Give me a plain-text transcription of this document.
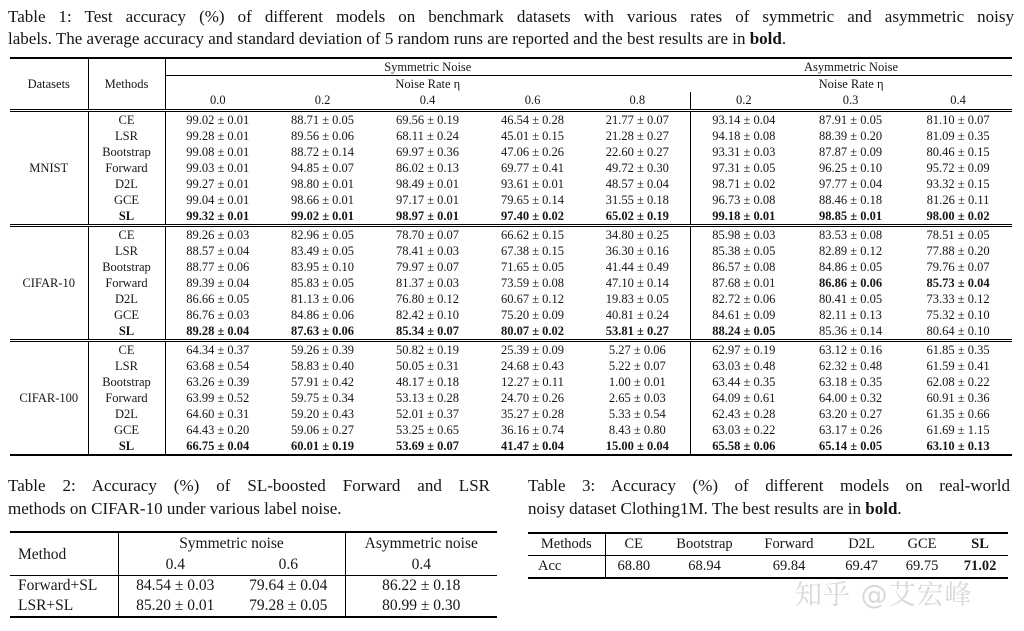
Table 1: Test accuracy (%) of different models on benchmark datasets with various rates of symmetric and asymmetric noisy
labels. The average accuracy and standard deviation of 5 random runs are reported and the best results are in bold.
Datasets	Methods	Symmetric Noise					Asymmetric Noise		
		Noise Rate η					Noise Rate η		
		0.0	0.2	0.4	0.6	0.8	0.2	0.3	0.4
MNIST	CE	99.02 ± 0.01	88.71 ± 0.05	69.56 ± 0.19	46.54 ± 0.28	21.77 ± 0.07	93.14 ± 0.04	87.91 ± 0.05	81.10 ± 0.07
	LSR	99.28 ± 0.01	89.56 ± 0.06	68.11 ± 0.24	45.01 ± 0.15	21.28 ± 0.27	94.18 ± 0.08	88.39 ± 0.20	81.09 ± 0.35
	Bootstrap	99.08 ± 0.01	88.72 ± 0.14	69.97 ± 0.36	47.06 ± 0.26	22.60 ± 0.27	93.31 ± 0.03	87.87 ± 0.09	80.46 ± 0.15
	Forward	99.03 ± 0.01	94.85 ± 0.07	86.02 ± 0.13	69.77 ± 0.41	49.72 ± 0.30	97.31 ± 0.05	96.25 ± 0.10	95.72 ± 0.09
	D2L	99.27 ± 0.01	98.80 ± 0.01	98.49 ± 0.01	93.61 ± 0.01	48.57 ± 0.04	98.71 ± 0.02	97.77 ± 0.04	93.32 ± 0.15
	GCE	99.04 ± 0.01	98.66 ± 0.01	97.17 ± 0.01	79.65 ± 0.14	31.55 ± 0.18	96.73 ± 0.08	88.46 ± 0.18	81.26 ± 0.11
	SL	99.32 ± 0.01	99.02 ± 0.01	98.97 ± 0.01	97.40 ± 0.02	65.02 ± 0.19	99.18 ± 0.01	98.85 ± 0.01	98.00 ± 0.02
CIFAR-10	CE	89.26 ± 0.03	82.96 ± 0.05	78.70 ± 0.07	66.62 ± 0.15	34.80 ± 0.25	85.98 ± 0.03	83.53 ± 0.08	78.51 ± 0.05
	LSR	88.57 ± 0.04	83.49 ± 0.05	78.41 ± 0.03	67.38 ± 0.15	36.30 ± 0.16	85.38 ± 0.05	82.89 ± 0.12	77.88 ± 0.20
	Bootstrap	88.77 ± 0.06	83.95 ± 0.10	79.97 ± 0.07	71.65 ± 0.05	41.44 ± 0.49	86.57 ± 0.08	84.86 ± 0.05	79.76 ± 0.07
	Forward	89.39 ± 0.04	85.83 ± 0.05	81.37 ± 0.03	73.59 ± 0.08	47.10 ± 0.14	87.68 ± 0.01	86.86 ± 0.06	85.73 ± 0.04
	D2L	86.66 ± 0.05	81.13 ± 0.06	76.80 ± 0.12	60.67 ± 0.12	19.83 ± 0.05	82.72 ± 0.06	80.41 ± 0.05	73.33 ± 0.12
	GCE	86.76 ± 0.03	84.86 ± 0.06	82.42 ± 0.10	75.20 ± 0.09	40.81 ± 0.24	84.61 ± 0.09	82.11 ± 0.13	75.32 ± 0.10
	SL	89.28 ± 0.04	87.63 ± 0.06	85.34 ± 0.07	80.07 ± 0.02	53.81 ± 0.27	88.24 ± 0.05	85.36 ± 0.14	80.64 ± 0.10
CIFAR-100	CE	64.34 ± 0.37	59.26 ± 0.39	50.82 ± 0.19	25.39 ± 0.09	5.27 ± 0.06	62.97 ± 0.19	63.12 ± 0.16	61.85 ± 0.35
	LSR	63.68 ± 0.54	58.83 ± 0.40	50.05 ± 0.31	24.68 ± 0.43	5.22 ± 0.07	63.03 ± 0.48	62.32 ± 0.48	61.59 ± 0.41
	Bootstrap	63.26 ± 0.39	57.91 ± 0.42	48.17 ± 0.18	12.27 ± 0.11	1.00 ± 0.01	63.44 ± 0.35	63.18 ± 0.35	62.08 ± 0.22
	Forward	63.99 ± 0.52	59.75 ± 0.34	53.13 ± 0.28	24.70 ± 0.26	2.65 ± 0.03	64.09 ± 0.61	64.00 ± 0.32	60.91 ± 0.36
	D2L	64.60 ± 0.31	59.20 ± 0.43	52.01 ± 0.37	35.27 ± 0.28	5.33 ± 0.54	62.43 ± 0.28	63.20 ± 0.27	61.35 ± 0.66
	GCE	64.43 ± 0.20	59.06 ± 0.27	53.25 ± 0.65	36.16 ± 0.74	8.43 ± 0.80	63.03 ± 0.22	63.17 ± 0.26	61.69 ± 1.15
	SL	66.75 ± 0.04	60.01 ± 0.19	53.69 ± 0.07	41.47 ± 0.04	15.00 ± 0.04	65.58 ± 0.06	65.14 ± 0.05	63.10 ± 0.13
Table 2: Accuracy (%) of SL-boosted Forward and LSR
methods on CIFAR-10 under various label noise.
Method	Symmetric noise		Asymmetric noise
	0.4	0.6	0.4
Forward+SL	84.54 ± 0.03	79.64 ± 0.04	86.22 ± 0.18
LSR+SL	85.20 ± 0.01	79.28 ± 0.05	80.99 ± 0.30
Table 3: Accuracy (%) of different models on real-world
noisy dataset Clothing1M. The best results are in bold.
Methods	CE	Bootstrap	Forward	D2L	GCE	SL
Acc	68.80	68.94	69.84	69.47	69.75	71.02
知乎 @艾宏峰
